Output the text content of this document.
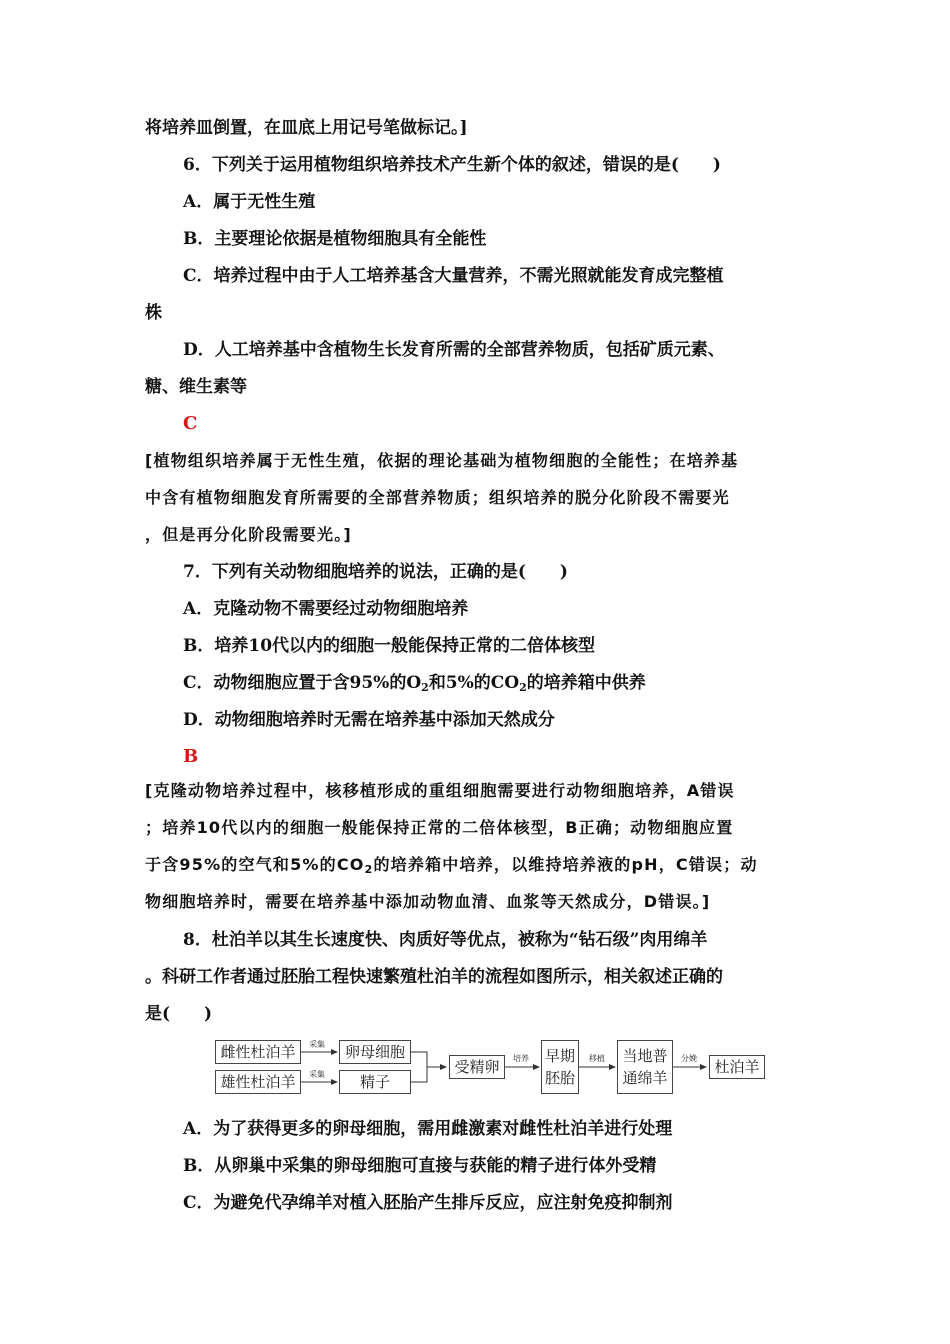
将培养皿倒置，在皿底上用记号笔做标记。]
6．下列关于运用植物组织培养技术产生新个体的叙述，错误的是(　　)
A．属于无性生殖
B．主要理论依据是植物细胞具有全能性
C．培养过程中由于人工培养基含大量营养，不需光照就能发育成完整植
株
D．人工培养基中含植物生长发育所需的全部营养物质，包括矿质元素、
糖、维生素等
C
[植物组织培养属于无性生殖，依据的理论基础为植物细胞的全能性；在培养基
中含有植物细胞发育所需要的全部营养物质；组织培养的脱分化阶段不需要光
，但是再分化阶段需要光。]
7．下列有关动物细胞培养的说法，正确的是(　　)
A．克隆动物不需要经过动物细胞培养
B．培养10代以内的细胞一般能保持正常的二倍体核型
C．动物细胞应置于含95%的$O_2$和5%的$CO_2$的培养箱中供养
D．动物细胞培养时无需在培养基中添加天然成分
B
[克隆动物培养过程中，核移植形成的重组细胞需要进行动物细胞培养，A错误
；培养10代以内的细胞一般能保持正常的二倍体核型，B正确；动物细胞应置
于含95%的空气和5%的$CO_2$的培养箱中培养，以维持培养液的pH，C错误；动
物细胞培养时，需要在培养基中添加动物血清、血浆等天然成分，D错误。]
8．杜泊羊以其生长速度快、肉质好等优点，被称为“钻石级”肉用绵羊
。科研工作者通过胚胎工程快速繁殖杜泊羊的流程如图所示，相关叙述正确的
是(　　)
雌性杜泊羊
雄性杜泊羊
采集
采集
卵母细胞
精子
受精卵	培养 早期
胚胎
移植 当地普
通绵羊
分娩	杜泊羊
A．为了获得更多的卵母细胞，需用雌激素对雌性杜泊羊进行处理
B．从卵巢中采集的卵母细胞可直接与获能的精子进行体外受精
C．为避免代孕绵羊对植入胚胎产生排斥反应，应注射免疫抑制剂
